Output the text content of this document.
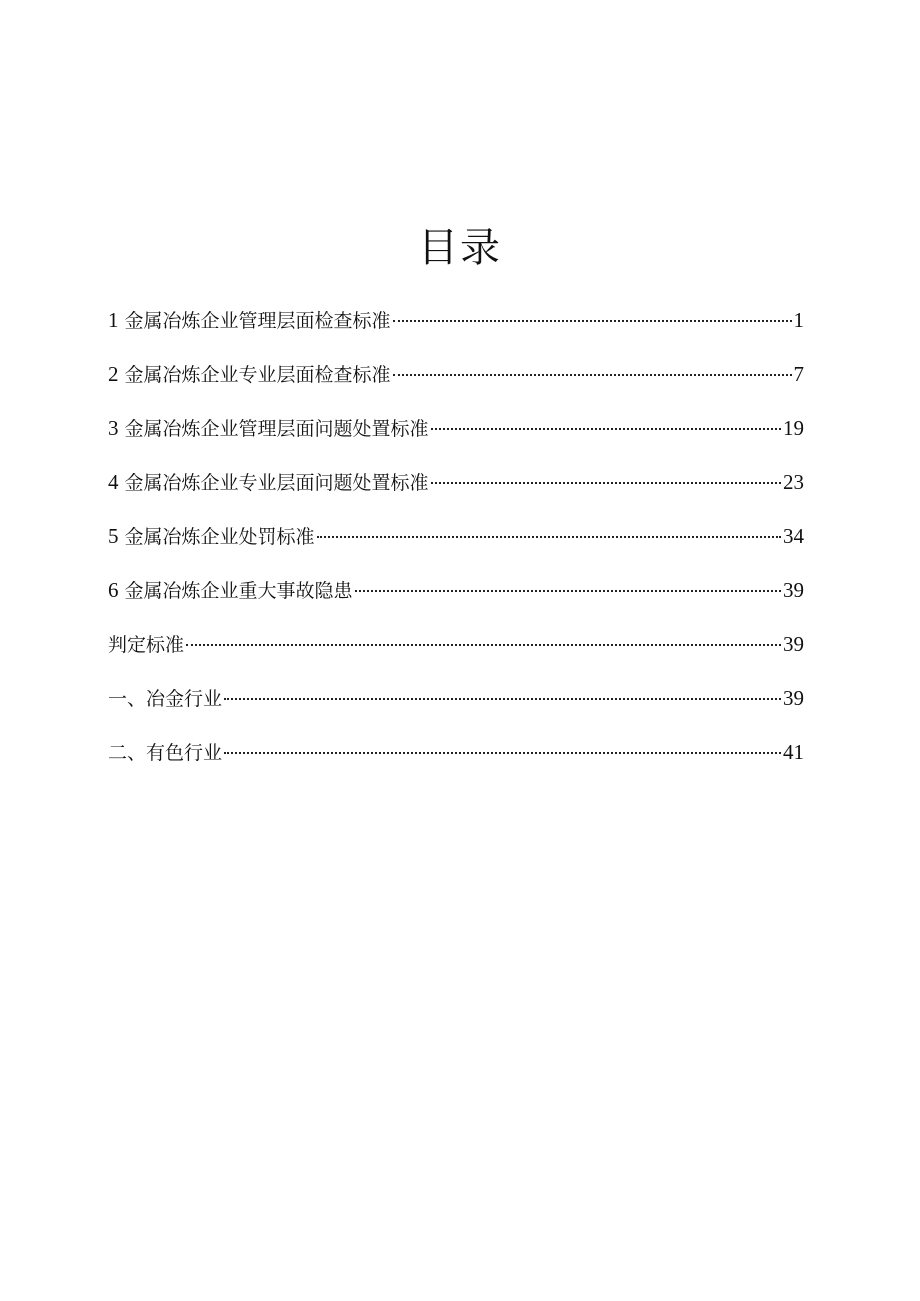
目录
1 金属冶炼企业管理层面检查标准	1
2 金属冶炼企业专业层面检查标准	7
3 金属冶炼企业管理层面问题处置标准	19
4 金属冶炼企业专业层面问题处置标准	23
5 金属冶炼企业处罚标准	34
6 金属冶炼企业重大事故隐患	39
判定标准	39
一、冶金行业	39
二、有色行业	41
